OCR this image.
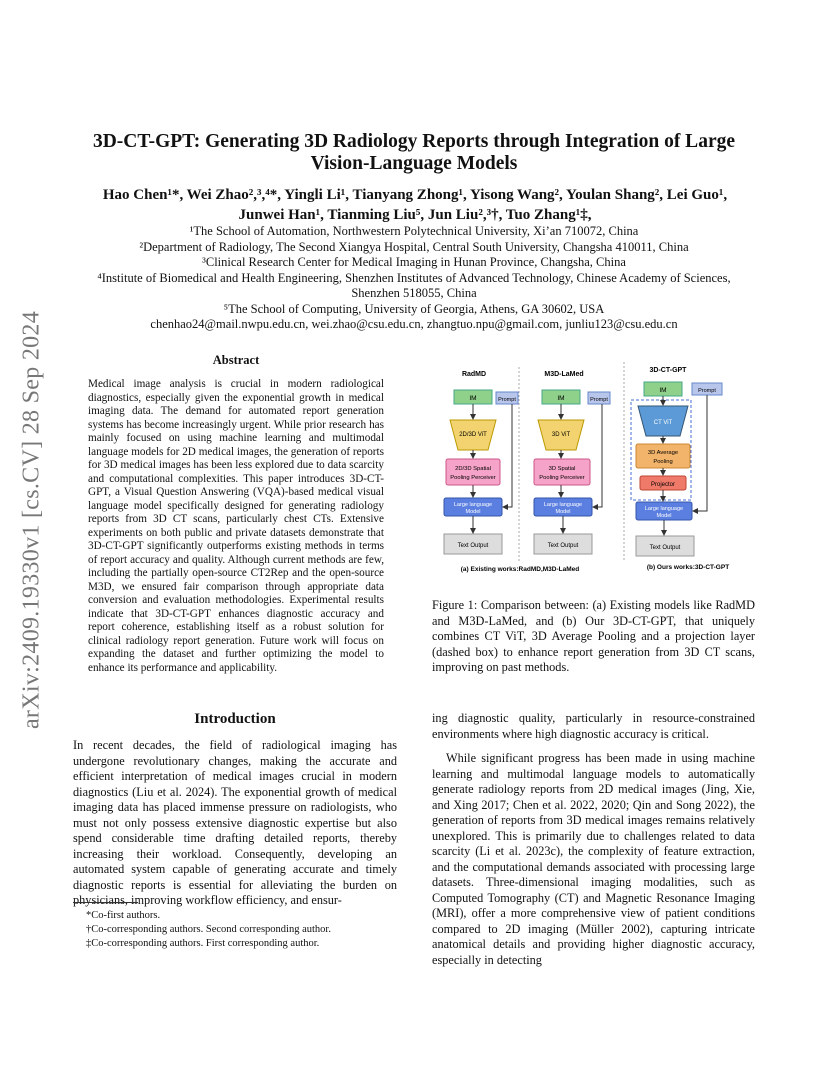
arXiv:2409.19330v1 [cs.CV] 28 Sep 2024
3D-CT-GPT: Generating 3D Radiology Reports through Integration of Large
Vision-Language Models
Hao Chen¹*, Wei Zhao²,³,⁴*, Yingli Li¹, Tianyang Zhong¹, Yisong Wang², Youlan Shang², Lei Guo¹,
Junwei Han¹, Tianming Liu⁵, Jun Liu²,³†, Tuo Zhang¹‡,
¹The School of Automation, Northwestern Polytechnical University, Xi’an 710072, China
²Department of Radiology, The Second Xiangya Hospital, Central South University, Changsha 410011, China
³Clinical Research Center for Medical Imaging in Hunan Province, Changsha, China
⁴Institute of Biomedical and Health Engineering, Shenzhen Institutes of Advanced Technology, Chinese Academy of Sciences,
Shenzhen 518055, China
⁵The School of Computing, University of Georgia, Athens, GA 30602, USA
chenhao24@mail.nwpu.edu.cn, wei.zhao@csu.edu.cn, zhangtuo.npu@gmail.com, junliu123@csu.edu.cn
Abstract
Medical image analysis is crucial in modern radiological diagnostics, especially given the exponential growth in medical imaging data. The demand for automated report generation systems has become increasingly urgent. While prior research has mainly focused on using machine learning and multimodal language models for 2D medical images, the generation of reports for 3D medical images has been less explored due to data scarcity and computational complexities. This paper introduces 3D-CT-GPT, a Visual Question Answering (VQA)-based medical visual language model specifically designed for generating radiology reports from 3D CT scans, particularly chest CTs. Extensive experiments on both public and private datasets demonstrate that 3D-CT-GPT significantly outperforms existing methods in terms of report accuracy and quality. Although current methods are few, including the partially open-source CT2Rep and the open-source M3D, we ensured fair comparison through appropriate data conversion and evaluation methodologies. Experimental results indicate that 3D-CT-GPT enhances diagnostic accuracy and report coherence, establishing itself as a robust solution for clinical radiology report generation. Future work will focus on expanding the dataset and further optimizing the model to enhance its performance and applicability.
RadMD	M3D-LaMed
3D-CT-GPT
IM	Prompt
2D/3D ViT
2D/3D Spatial
Pooling Perceiver
Large language
Model
Text Output
IM	Prompt
3D ViT
3D Spatial
Pooling Perceiver
Large language
Model
Text Output
IM	Prompt
CT ViT
3D Average
Pooling
Projector
Large language
Model
Text Output
(a) Existing works:RadMD,M3D-LaMed	(b) Ours works:3D-CT-GPT
Figure 1: Comparison between: (a) Existing models like RadMD and M3D-LaMed, and (b) Our 3D-CT-GPT, that uniquely combines CT ViT, 3D Average Pooling and a projection layer (dashed box) to enhance report generation from 3D CT scans, improving on past methods.
Introduction

In recent decades, the field of radiological imaging has undergone revolutionary changes, making the accurate and efficient interpretation of medical images crucial in modern diagnostics (Liu et al. 2024). The exponential growth of medical imaging data has placed immense pressure on radiologists, who must not only possess extensive diagnostic expertise but also spend considerable time drafting detailed reports, thereby increasing their workload. Consequently, developing an automated system capable of generating accurate and timely diagnostic reports is essential for alleviating the burden on physicians, improving workflow efficiency, and ensur-

*Co-first authors.
†Co-corresponding authors. Second corresponding author.
‡Co-corresponding authors. First corresponding author.

ing diagnostic quality, particularly in resource-constrained environments where high diagnostic accuracy is critical.

While significant progress has been made in using machine learning and multimodal language models to automatically generate radiology reports from 2D medical images (Jing, Xie, and Xing 2017; Chen et al. 2022, 2020; Qin and Song 2022), the generation of reports from 3D medical images remains relatively unexplored. This is primarily due to challenges related to data scarcity (Li et al. 2023c), the complexity of feature extraction, and the computational demands associated with processing large datasets. Three-dimensional imaging modalities, such as Computed Tomography (CT) and Magnetic Resonance Imaging (MRI), offer a more comprehensive view of patient conditions compared to 2D imaging (Müller 2002), capturing intricate anatomical details and providing higher diagnostic accuracy, especially in detecting
